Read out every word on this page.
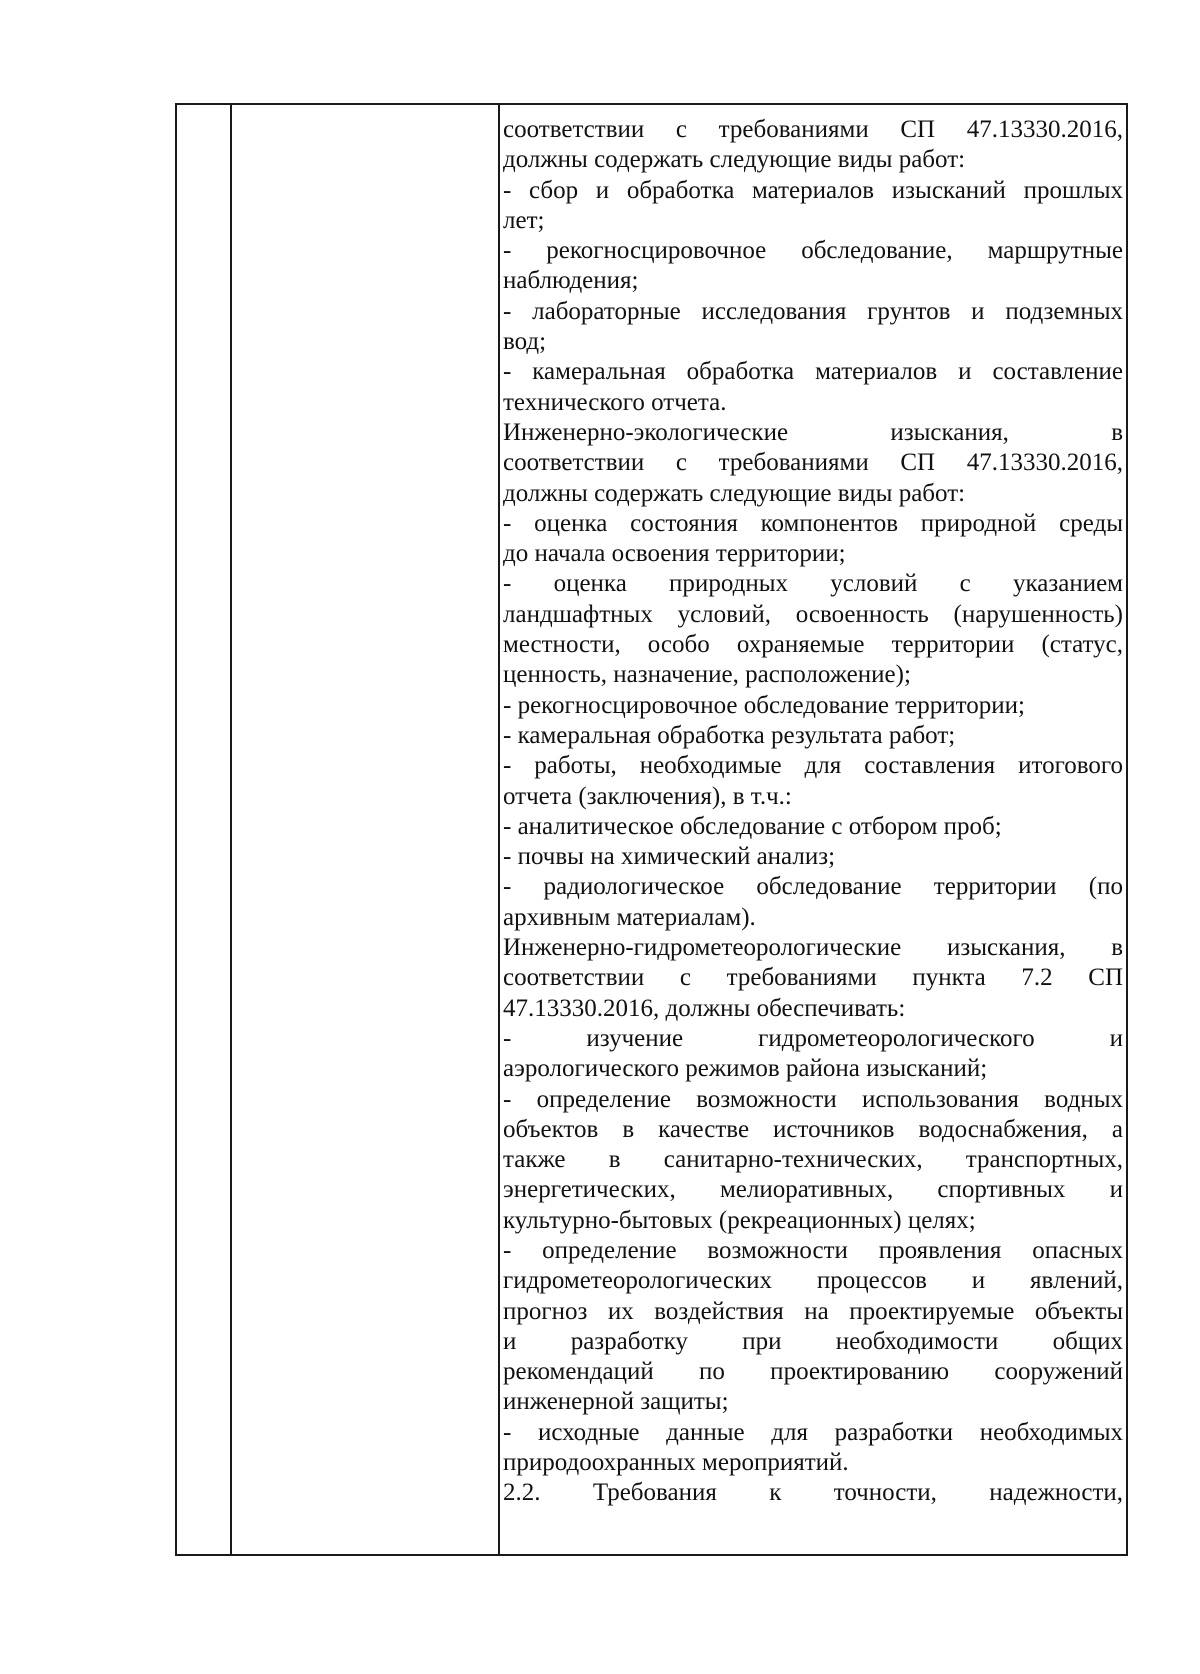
соответствии с требованиями СП 47.13330.2016,
должны содержать следующие виды работ:
- сбор и обработка материалов изысканий прошлых
лет;
- рекогносцировочное обследование, маршрутные
наблюдения;
- лабораторные исследования грунтов и подземных
вод;
- камеральная обработка материалов и составление
технического отчета.
Инженерно-экологические изыскания, в
соответствии с требованиями СП 47.13330.2016,
должны содержать следующие виды работ:
- оценка состояния компонентов природной среды
до начала освоения территории;
- оценка природных условий с указанием
ландшафтных условий, освоенность (нарушенность)
местности, особо охраняемые территории (статус,
ценность, назначение, расположение);
- рекогносцировочное обследование территории;
- камеральная обработка результата работ;
- работы, необходимые для составления итогового
отчета (заключения), в т.ч.:
- аналитическое обследование с отбором проб;
- почвы на химический анализ;
- радиологическое обследование территории (по
архивным материалам).
Инженерно-гидрометеорологические изыскания, в
соответствии с требованиями пункта 7.2 СП
47.13330.2016, должны обеспечивать:
- изучение гидрометеорологического и
аэрологического режимов района изысканий;
- определение возможности использования водных
объектов в качестве источников водоснабжения, а
также в санитарно-технических, транспортных,
энергетических, мелиоративных, спортивных и
культурно-бытовых (рекреационных) целях;
- определение возможности проявления опасных
гидрометеорологических процессов и явлений,
прогноз их воздействия на проектируемые объекты
и разработку при необходимости общих
рекомендаций по проектированию сооружений
инженерной защиты;
- исходные данные для разработки необходимых
природоохранных мероприятий.
2.2. Требования к точности, надежности,
